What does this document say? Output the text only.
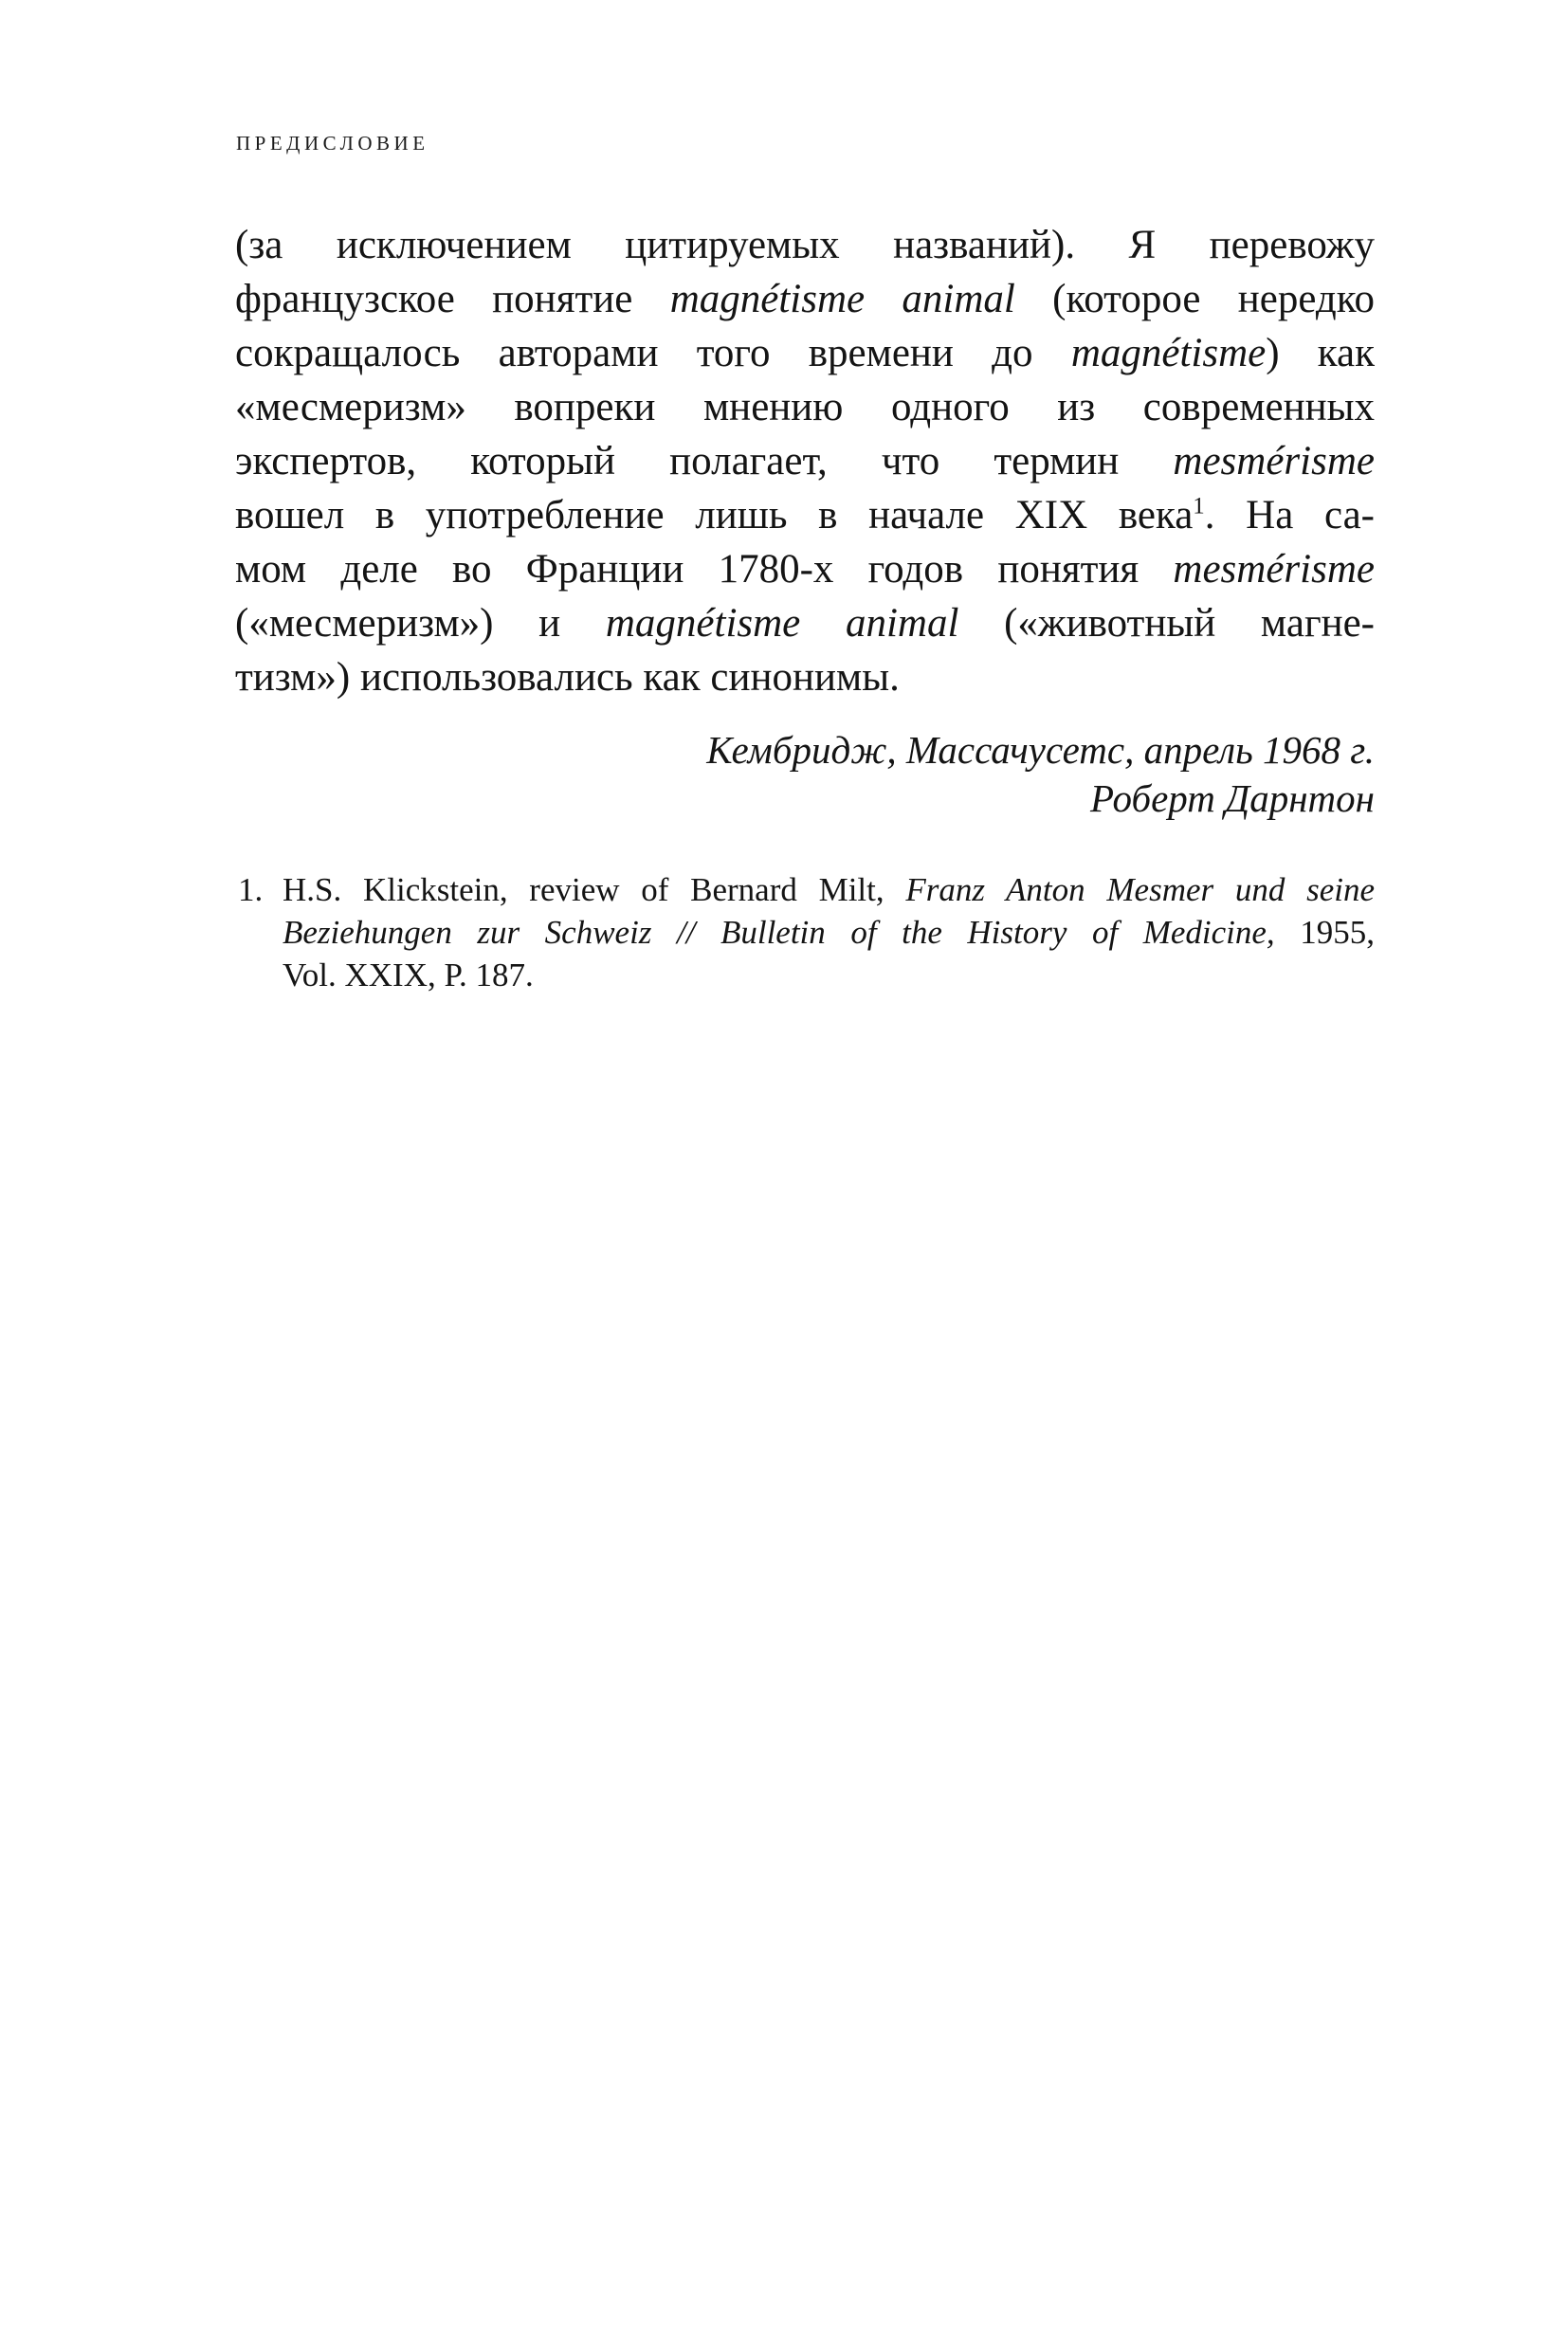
ПРЕДИСЛОВИЕ
(за исключением цитируемых названий). Я перевожу
французское понятие magnétisme animal (которое нередко
сокращалось авторами того времени до magnétisme) как
«месмеризм» вопреки мнению одного из современных
экспертов, который полагает, что термин mesmérisme
вошел в употребление лишь в начале XIX века$^1$. На са-
мом деле во Франции 1780-х годов понятия mesmérisme
(«месмеризм») и magnétisme animal («животный магне-
тизм») использовались как синонимы.
Кембридж, Массачусетс, апрель 1968 г.
Роберт Дарнтон
1. H.S. Klickstein, review of Bernard Milt, Franz Anton Mesmer und seine
Beziehungen zur Schweiz // Bulletin of the History of Medicine, 1955,
Vol. XXIX, P. 187.
